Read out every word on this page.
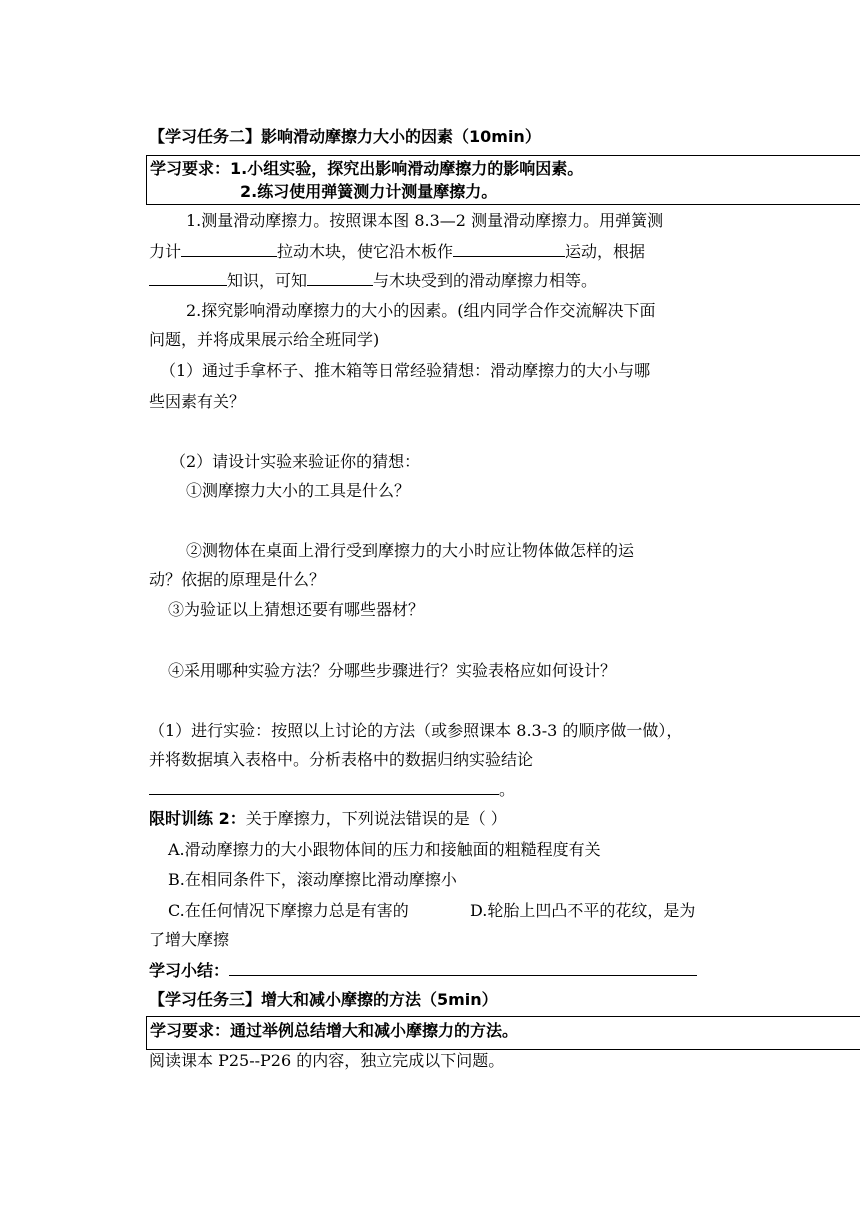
【学习任务二】影响滑动摩擦力大小的因素（10min）
学习要求：1.小组实验，探究出影响滑动摩擦力的影响因素。
2.练习使用弹簧测力计测量摩擦力。
1.测量滑动摩擦力。按照课本图 8.3—2 测量滑动摩擦力。用弹簧测
力计	拉动木块，使它沿木板作	运动，根据
知识，可知	与木块受到的滑动摩擦力相等。
2.探究影响滑动摩擦力的大小的因素。(组内同学合作交流解决下面
问题，并将成果展示给全班同学)
（1）通过手拿杯子、推木箱等日常经验猜想：滑动摩擦力的大小与哪
些因素有关？
（2）请设计实验来验证你的猜想：
①测摩擦力大小的工具是什么？
②测物体在桌面上滑行受到摩擦力的大小时应让物体做怎样的运
动？依据的原理是什么？
③为验证以上猜想还要有哪些器材？
④采用哪种实验方法？分哪些步骤进行？实验表格应如何设计？
（1）进行实验：按照以上讨论的方法（或参照课本 8.3-3 的顺序做一做），
并将数据填入表格中。分析表格中的数据归纳实验结论
。
限时训练 2：关于摩擦力，下列说法错误的是（ ）
A.滑动摩擦力的大小跟物体间的压力和接触面的粗糙程度有关
B.在相同条件下，滚动摩擦比滑动摩擦小
C.在任何情况下摩擦力总是有害的	D.轮胎上凹凸不平的花纹，是为
了增大摩擦
学习小结：
【学习任务三】增大和减小摩擦的方法（5min）
学习要求：通过举例总结增大和减小摩擦力的方法。
阅读课本 P25--P26 的内容，独立完成以下问题。
